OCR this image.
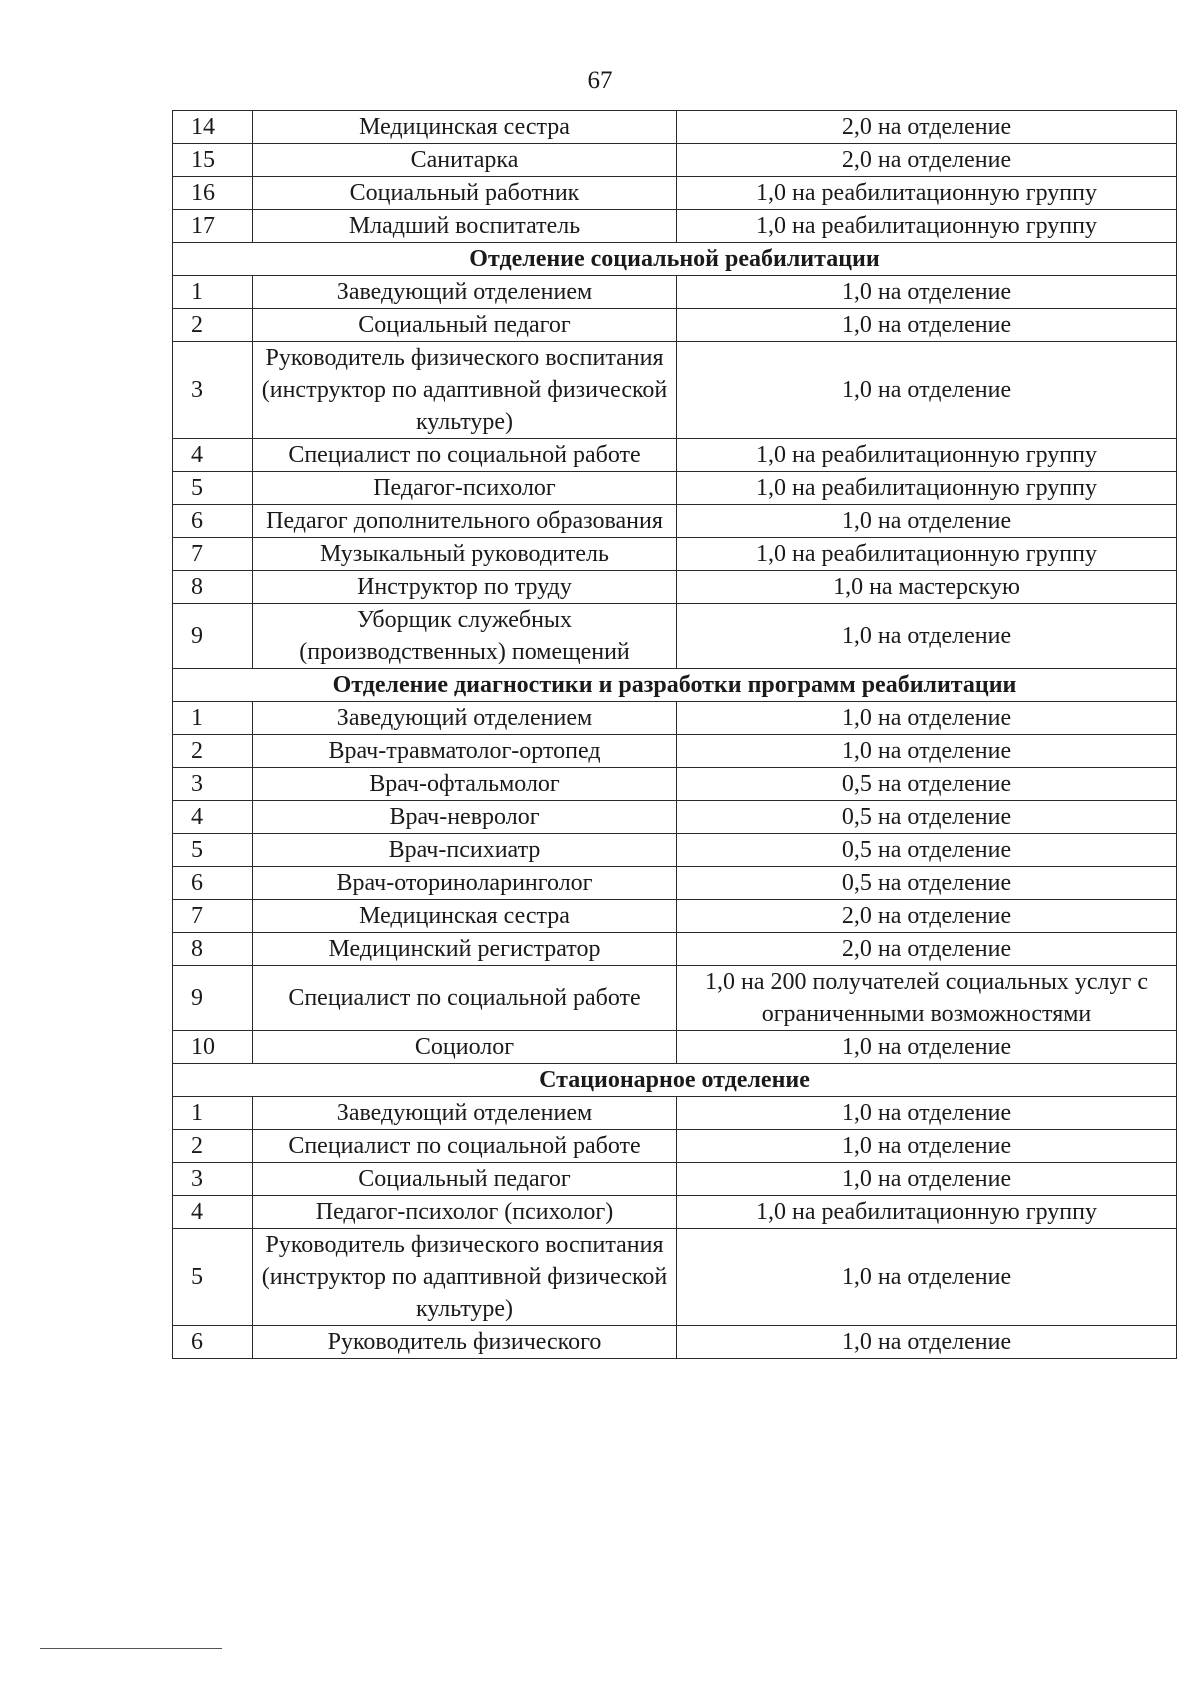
67
14	Медицинская сестра	2,0 на отделение
15	Санитарка	2,0 на отделение
16	Социальный работник	1,0 на реабилитационную группу
17	Младший воспитатель	1,0 на реабилитационную группу
Отделение социальной реабилитации		
1	Заведующий отделением	1,0 на отделение
2	Социальный педагог	1,0 на отделение
3	Руководитель физического воспитания (инструктор по адаптивной физической культуре)	1,0 на отделение
4	Специалист по социальной работе	1,0 на реабилитационную группу
5	Педагог-психолог	1,0 на реабилитационную группу
6	Педагог дополнительного образования	1,0 на отделение
7	Музыкальный руководитель	1,0 на реабилитационную группу
8	Инструктор по труду	1,0 на мастерскую
9	Уборщик служебных (производственных) помещений	1,0 на отделение
Отделение диагностики и разработки программ реабилитации		
1	Заведующий отделением	1,0 на отделение
2	Врач-травматолог-ортопед	1,0 на отделение
3	Врач-офтальмолог	0,5 на отделение
4	Врач-невролог	0,5 на отделение
5	Врач-психиатр	0,5 на отделение
6	Врач-оториноларинголог	0,5 на отделение
7	Медицинская сестра	2,0 на отделение
8	Медицинский регистратор	2,0 на отделение
9	Специалист по социальной работе	1,0 на 200 получателей социальных услуг с ограниченными возможностями
10	Социолог	1,0 на отделение
Стационарное отделение		
1	Заведующий отделением	1,0 на отделение
2	Специалист по социальной работе	1,0 на отделение
3	Социальный педагог	1,0 на отделение
4	Педагог-психолог (психолог)	1,0 на реабилитационную группу
5	Руководитель физического воспитания (инструктор по адаптивной физической культуре)	1,0 на отделение
6	Руководитель физического	1,0 на отделение
